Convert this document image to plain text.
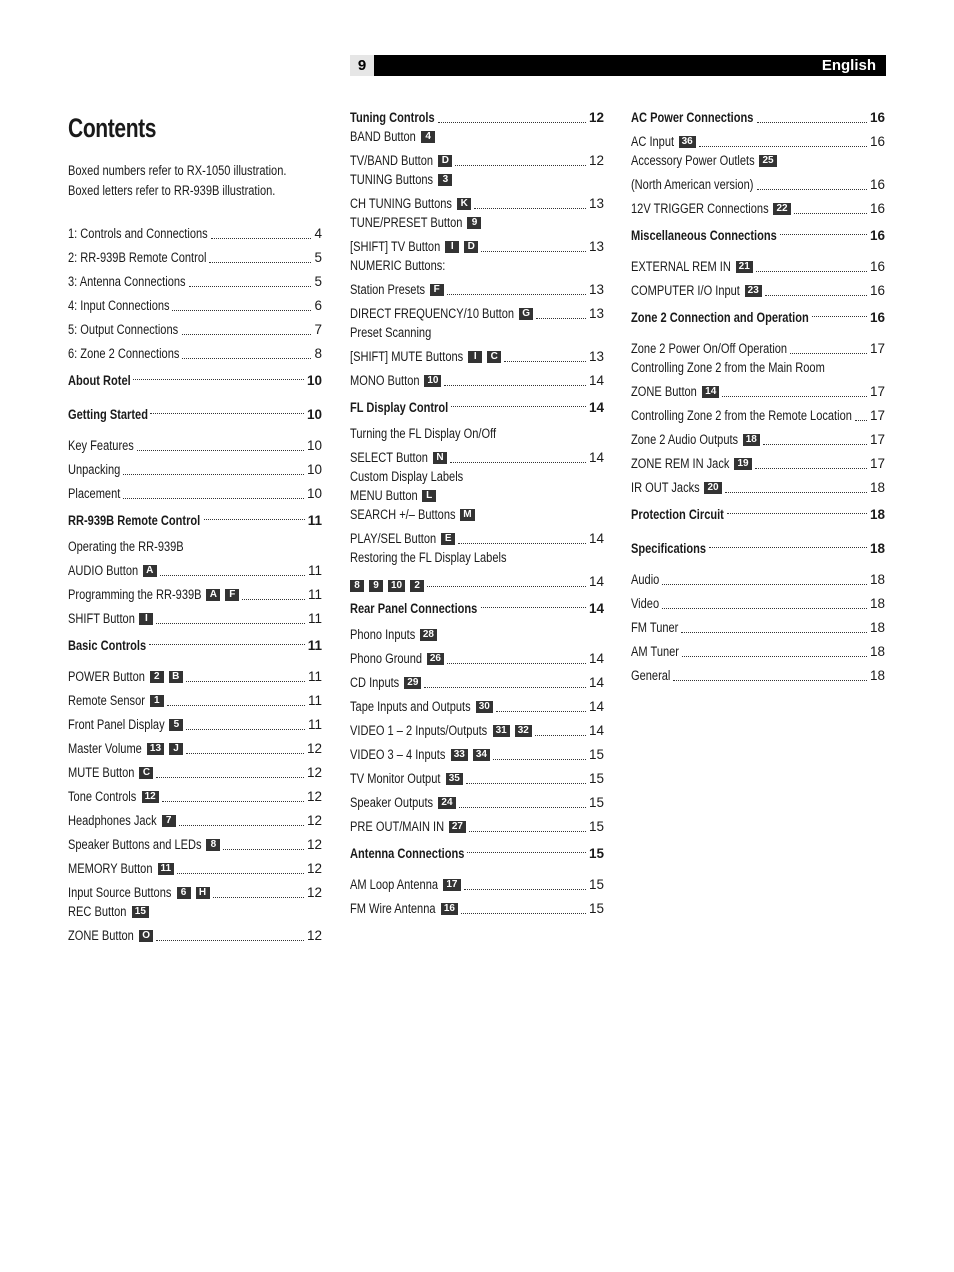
9	English
Contents
Boxed numbers refer to RX-1050 illustration.
Boxed letters refer to RR-939B illustration.
1: Controls and Connections	4
2: RR-939B Remote Control	5
3: Antenna Connections	5
4: Input Connections	6
5: Output Connections	7
6: Zone 2 Connections	8
About Rotel	10
Getting Started	10
Key Features	10
Unpacking	10
Placement	10
RR-939B Remote Control	11
Operating the RR-939B
AUDIO Button A	11
Programming the RR-939B A	F	11
SHIFT Button	I	11
Basic Controls	11
POWER Button 2	B	11
Remote Sensor 1	11
Front Panel Display 5	11
Master Volume 13	J	12
MUTE Button C	12
Tone Controls 12	12
Headphones Jack 7	12
Speaker Buttons and LEDs 8	12
MEMORY Button 11	12
Input Source Buttons 6	H	12
REC Button 15
ZONE Button O	12
Tuning Controls	12
BAND Button 4
TV/BAND Button D	12
TUNING Buttons 3
CH TUNING Buttons K	13
TUNE/PRESET Button 9
[SHIFT] TV Button	I	D	13
NUMERIC Buttons:
Station Presets F	13
DIRECT FREQUENCY/10 Button G	13
Preset Scanning
[SHIFT] MUTE Buttons	I	C	13
MONO Button 10	14
FL Display Control	14
Turning the FL Display On/Off
SELECT Button N	14
Custom Display Labels
MENU Button L
SEARCH +/– Buttons M
PLAY/SEL Button E	14
Restoring the FL Display Labels
8	9	10	2	14
Rear Panel Connections	14
Phono Inputs 28
Phono Ground 26	14
CD Inputs 29	14
Tape Inputs and Outputs 30	14
VIDEO 1 – 2 Inputs/Outputs 31	32	14
VIDEO 3 – 4 Inputs 33	34	15
TV Monitor Output 35	15
Speaker Outputs 24	15
PRE OUT/MAIN IN 27	15
Antenna Connections	15
AM Loop Antenna 17	15
FM Wire Antenna 16	15
AC Power Connections	16
AC Input 36	16
Accessory Power Outlets 25
(North American version)	16
12V TRIGGER Connections 22	16
Miscellaneous Connections	16
EXTERNAL REM IN 21	16
COMPUTER I/O Input 23	16
Zone 2 Connection and Operation	16
Zone 2 Power On/Off Operation	17
Controlling Zone 2 from the Main Room
ZONE Button 14	17
Controlling Zone 2 from the Remote Location 17
Zone 2 Audio Outputs 18	17
ZONE REM IN Jack 19	17
IR OUT Jacks 20	18
Protection Circuit	18
Specifications	18
Audio	18
Video	18
FM Tuner	18
AM Tuner	18
General	18
